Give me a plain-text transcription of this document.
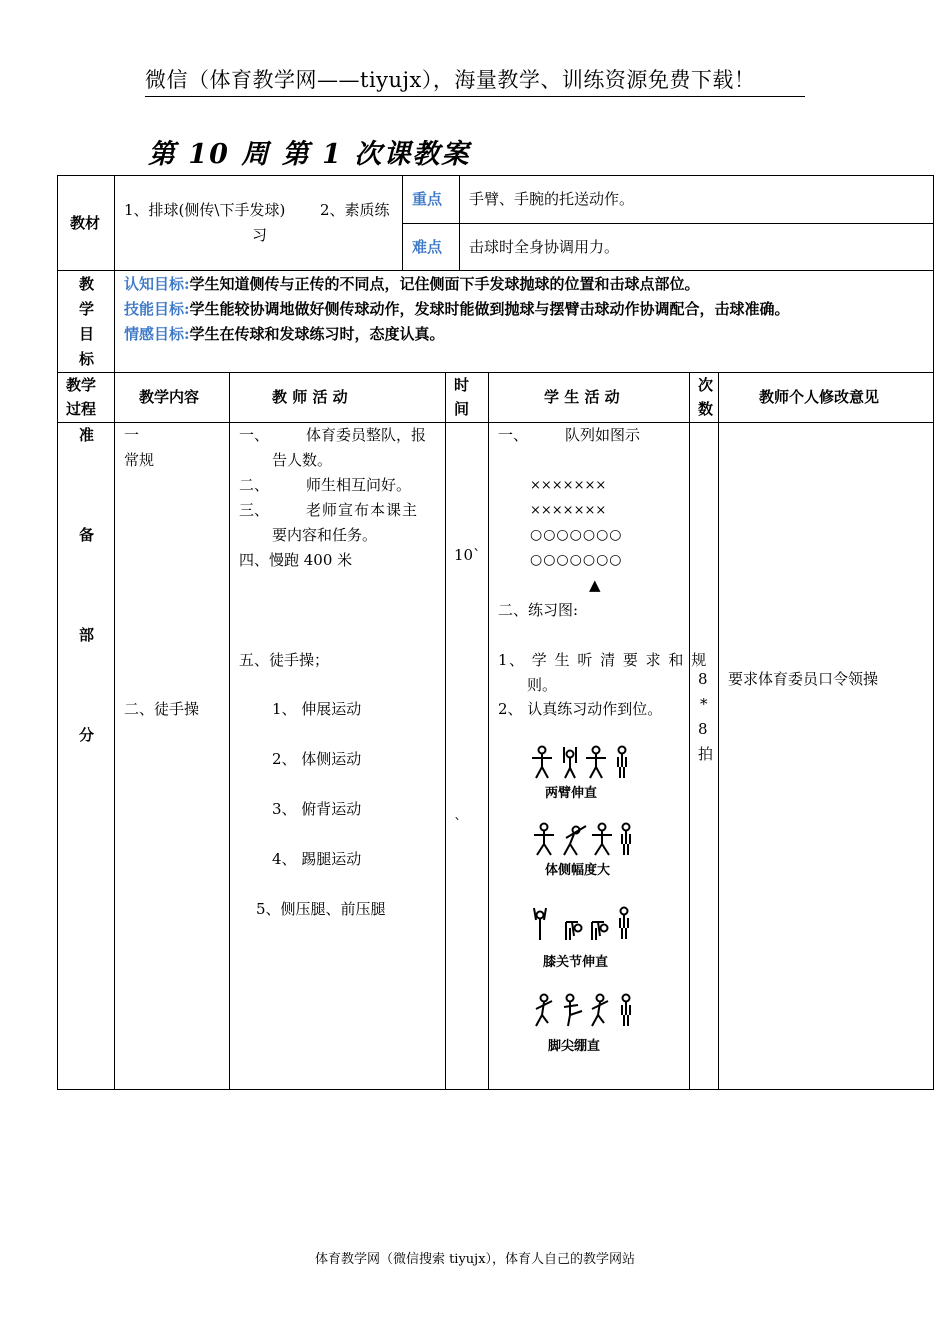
微信（体育教学网——tiyujx），海量教学、训练资源免费下载！
第 10 周 第 1 次课教案
教材
1、排球(侧传\下手发球) 2、素质练
习
重点 手臂、手腕的托送动作。
难点 击球时全身协调用力。
教
学
目
标
认知目标:学生知道侧传与正传的不同点，记住侧面下手发球抛球的位置和击球点部位。
技能目标:学生能较协调地做好侧传球动作，发球时能做到抛球与摆臂击球动作协调配合，击球准确。
情感目标:学生在传球和发球练习时，态度认真。
教学过程
教学内容	教 师 活 动
时间
学 生 活 动
次数
教师个人修改意见
准
备
部
分
一
常规
二、徒手操
一、 体育委员整队，报
告人数。
二、 师生相互问好。
三、 老师宣布本课主
要内容和任务。
四、慢跑 400 米
五、徒手操；
1、 伸展运动
2、 体侧运动
3、 俯背运动
4、 踢腿运动
5、侧压腿、前压腿
10`
`
一、 队列如图示
×××××××
×××××××
○○○○○○○
○○○○○○○
▲
二、练习图:
1、 学 生 听 清 要 求 和 规
则。
2、 认真练习动作到位。
两臂伸直
体侧幅度大
膝关节伸直
脚尖绷直
8
*
8
拍
要求体育委员口令领操
体育教学网（微信搜索 tiyujx），体育人自己的教学网站
